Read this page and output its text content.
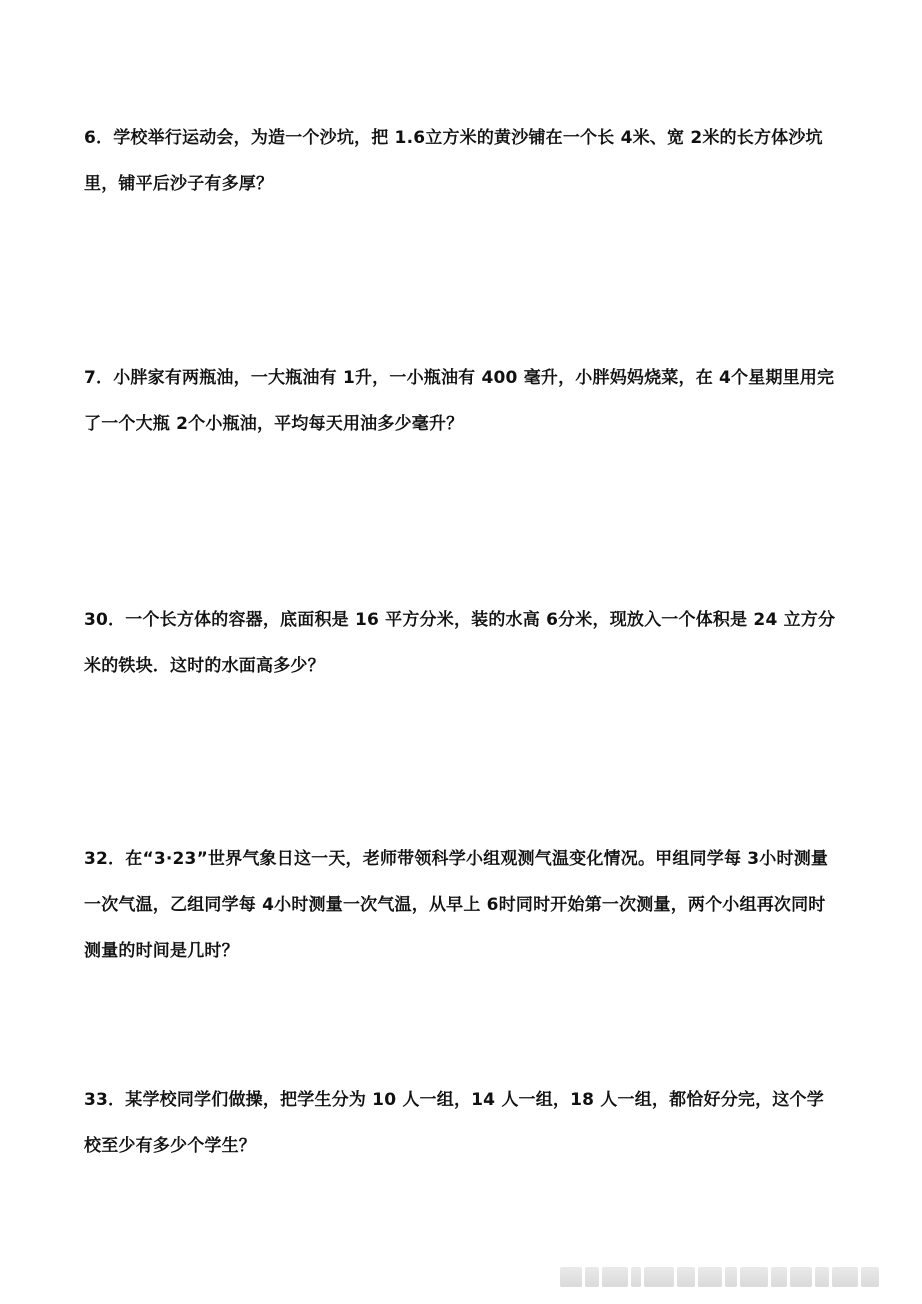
6．学校举行运动会，为造一个沙坑，把 1.6立方米的黄沙铺在一个长 4米、宽 2米的长方体沙坑里，铺平后沙子有多厚？

7．小胖家有两瓶油，一大瓶油有 1升，一小瓶油有 400 毫升，小胖妈妈烧菜，在 4个星期里用完了一个大瓶 2个小瓶油，平均每天用油多少毫升？

30．一个长方体的容器，底面积是 16 平方分米，装的水高 6分米，现放入一个体积是 24 立方分米的铁块．这时的水面高多少？

32．在“3·23”世界气象日这一天，老师带领科学小组观测气温变化情况。甲组同学每 3小时测量一次气温，乙组同学每 4小时测量一次气温，从早上 6时同时开始第一次测量，两个小组再次同时测量的时间是几时？

33．某学校同学们做操，把学生分为 10 人一组，14 人一组，18 人一组，都恰好分完，这个学校至少有多少个学生？
